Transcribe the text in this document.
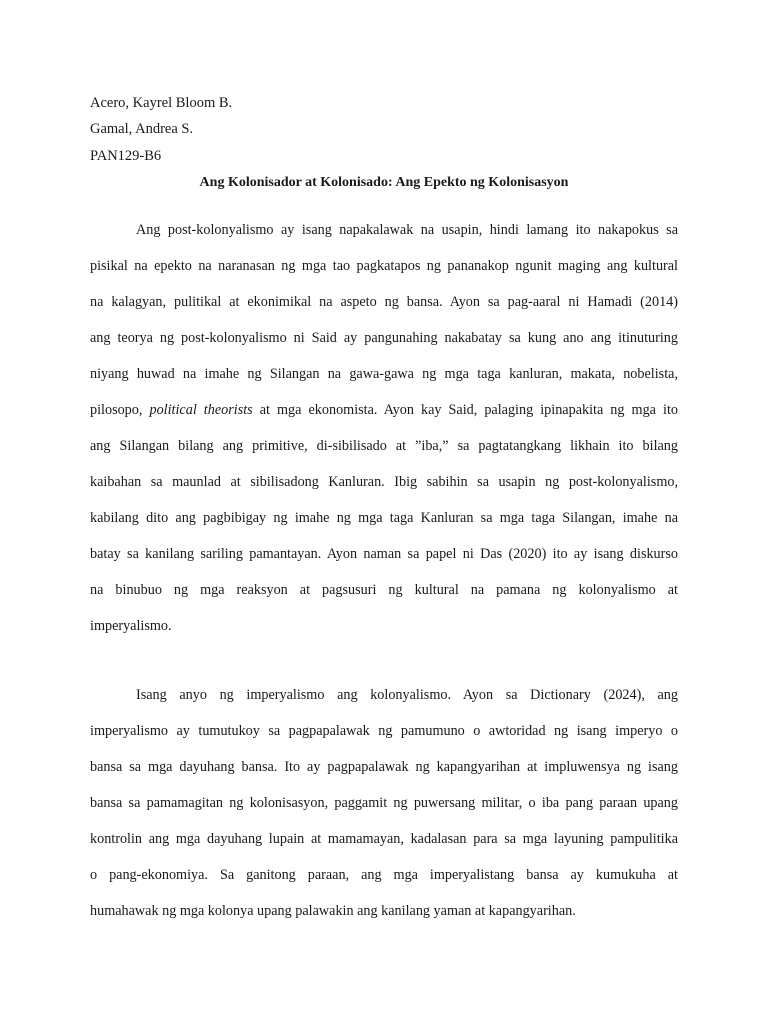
Acero, Kayrel Bloom B.
Gamal, Andrea S.
PAN129-B6
Ang Kolonisador at Kolonisado: Ang Epekto ng Kolonisasyon
Ang post-kolonyalismo ay isang napakalawak na usapin, hindi lamang ito nakapokus sa
pisikal na epekto na naranasan ng mga tao pagkatapos ng pananakop ngunit maging ang kultural
na kalagyan, pulitikal at ekonimikal na aspeto ng bansa. Ayon sa pag-aaral ni Hamadi (2014)
ang teorya ng post-kolonyalismo ni Said ay pangunahing nakabatay sa kung ano ang itinuturing
niyang huwad na imahe ng Silangan na gawa-gawa ng mga taga kanluran, makata, nobelista,
pilosopo, political theorists at mga ekonomista. Ayon kay Said, palaging ipinapakita ng mga ito
ang Silangan bilang ang primitive, di-sibilisado at ”iba,” sa pagtatangkang likhain ito bilang
kaibahan sa maunlad at sibilisadong Kanluran. Ibig sabihin sa usapin ng post-kolonyalismo,
kabilang dito ang pagbibigay ng imahe ng mga taga Kanluran sa mga taga Silangan, imahe na
batay sa kanilang sariling pamantayan. Ayon naman sa papel ni Das (2020) ito ay isang diskurso
na binubuo ng mga reaksyon at pagsusuri ng kultural na pamana ng kolonyalismo at
imperyalismo.
Isang anyo ng imperyalismo ang kolonyalismo. Ayon sa Dictionary (2024), ang
imperyalismo ay tumutukoy sa pagpapalawak ng pamumuno o awtoridad ng isang imperyo o
bansa sa mga dayuhang bansa. Ito ay pagpapalawak ng kapangyarihan at impluwensya ng isang
bansa sa pamamagitan ng kolonisasyon, paggamit ng puwersang militar, o iba pang paraan upang
kontrolin ang mga dayuhang lupain at mamamayan, kadalasan para sa mga layuning pampulitika
o pang-ekonomiya. Sa ganitong paraan, ang mga imperyalistang bansa ay kumukuha at
humahawak ng mga kolonya upang palawakin ang kanilang yaman at kapangyarihan.
